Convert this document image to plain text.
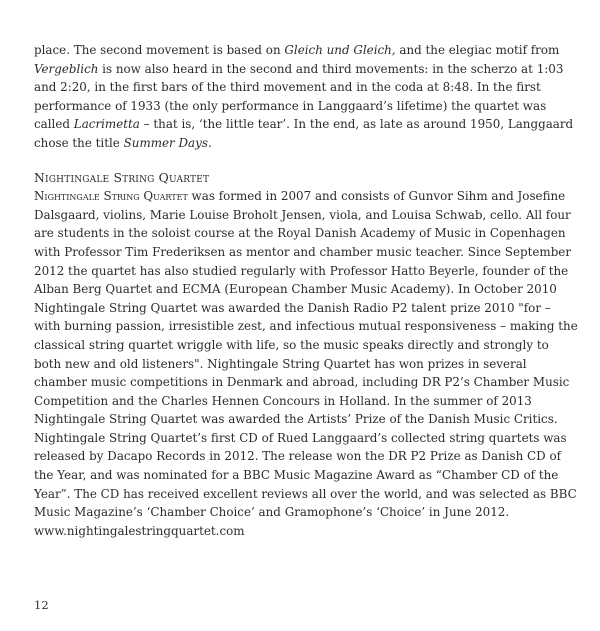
place. The second movement is based on Gleich und Gleich, and the elegiac motif from Vergeblich is now also heard in the second and third movements: in the scherzo at 1:03 and 2:20, in the first bars of the third movement and in the coda at 8:48. In the first performance of 1933 (the only performance in Langgaard’s lifetime) the quartet was called Lacrimetta – that is, ‘the little tear’. In the end, as late as around 1950, Langgaard chose the title Summer Days.

Nightingale String Quartet

Nightingale String Quartet was formed in 2007 and consists of Gunvor Sihm and Josefine Dalsgaard, violins, Marie Louise Broholt Jensen, viola, and Louisa Schwab, cello. All four are students in the soloist course at the Royal Danish Academy of Music in Copenhagen with Professor Tim Frederiksen as mentor and chamber music teacher. Since September 2012 the quartet has also studied regularly with Professor Hatto Beyerle, founder of the Alban Berg Quartet and ECMA (European Chamber Music Academy). In October 2010 Nightingale String Quartet was awarded the Danish Radio P2 talent prize 2010 "for – with burning passion, irresistible zest, and infectious mutual responsiveness – making the classical string quartet wriggle with life, so the music speaks directly and strongly to both new and old listeners". Nightingale String Quartet has won prizes in several chamber music competitions in Denmark and abroad, including DR P2’s Chamber Music Competition and the Charles Hennen Concours in Holland. In the summer of 2013 Nightingale String Quartet was awarded the Artists’ Prize of the Danish Music Critics. Nightingale String Quartet’s first CD of Rued Langgaard’s collected string quartets was released by Dacapo Records in 2012. The release won the DR P2 Prize as Danish CD of the Year, and was nominated for a BBC Music Magazine Award as “Chamber CD of the Year”. The CD has received excellent reviews all over the world, and was selected as BBC Music Magazine’s ‘Chamber Choice’ and Gramophone’s ‘Choice’ in June 2012.

www.nightingalestringquartet.com

12
